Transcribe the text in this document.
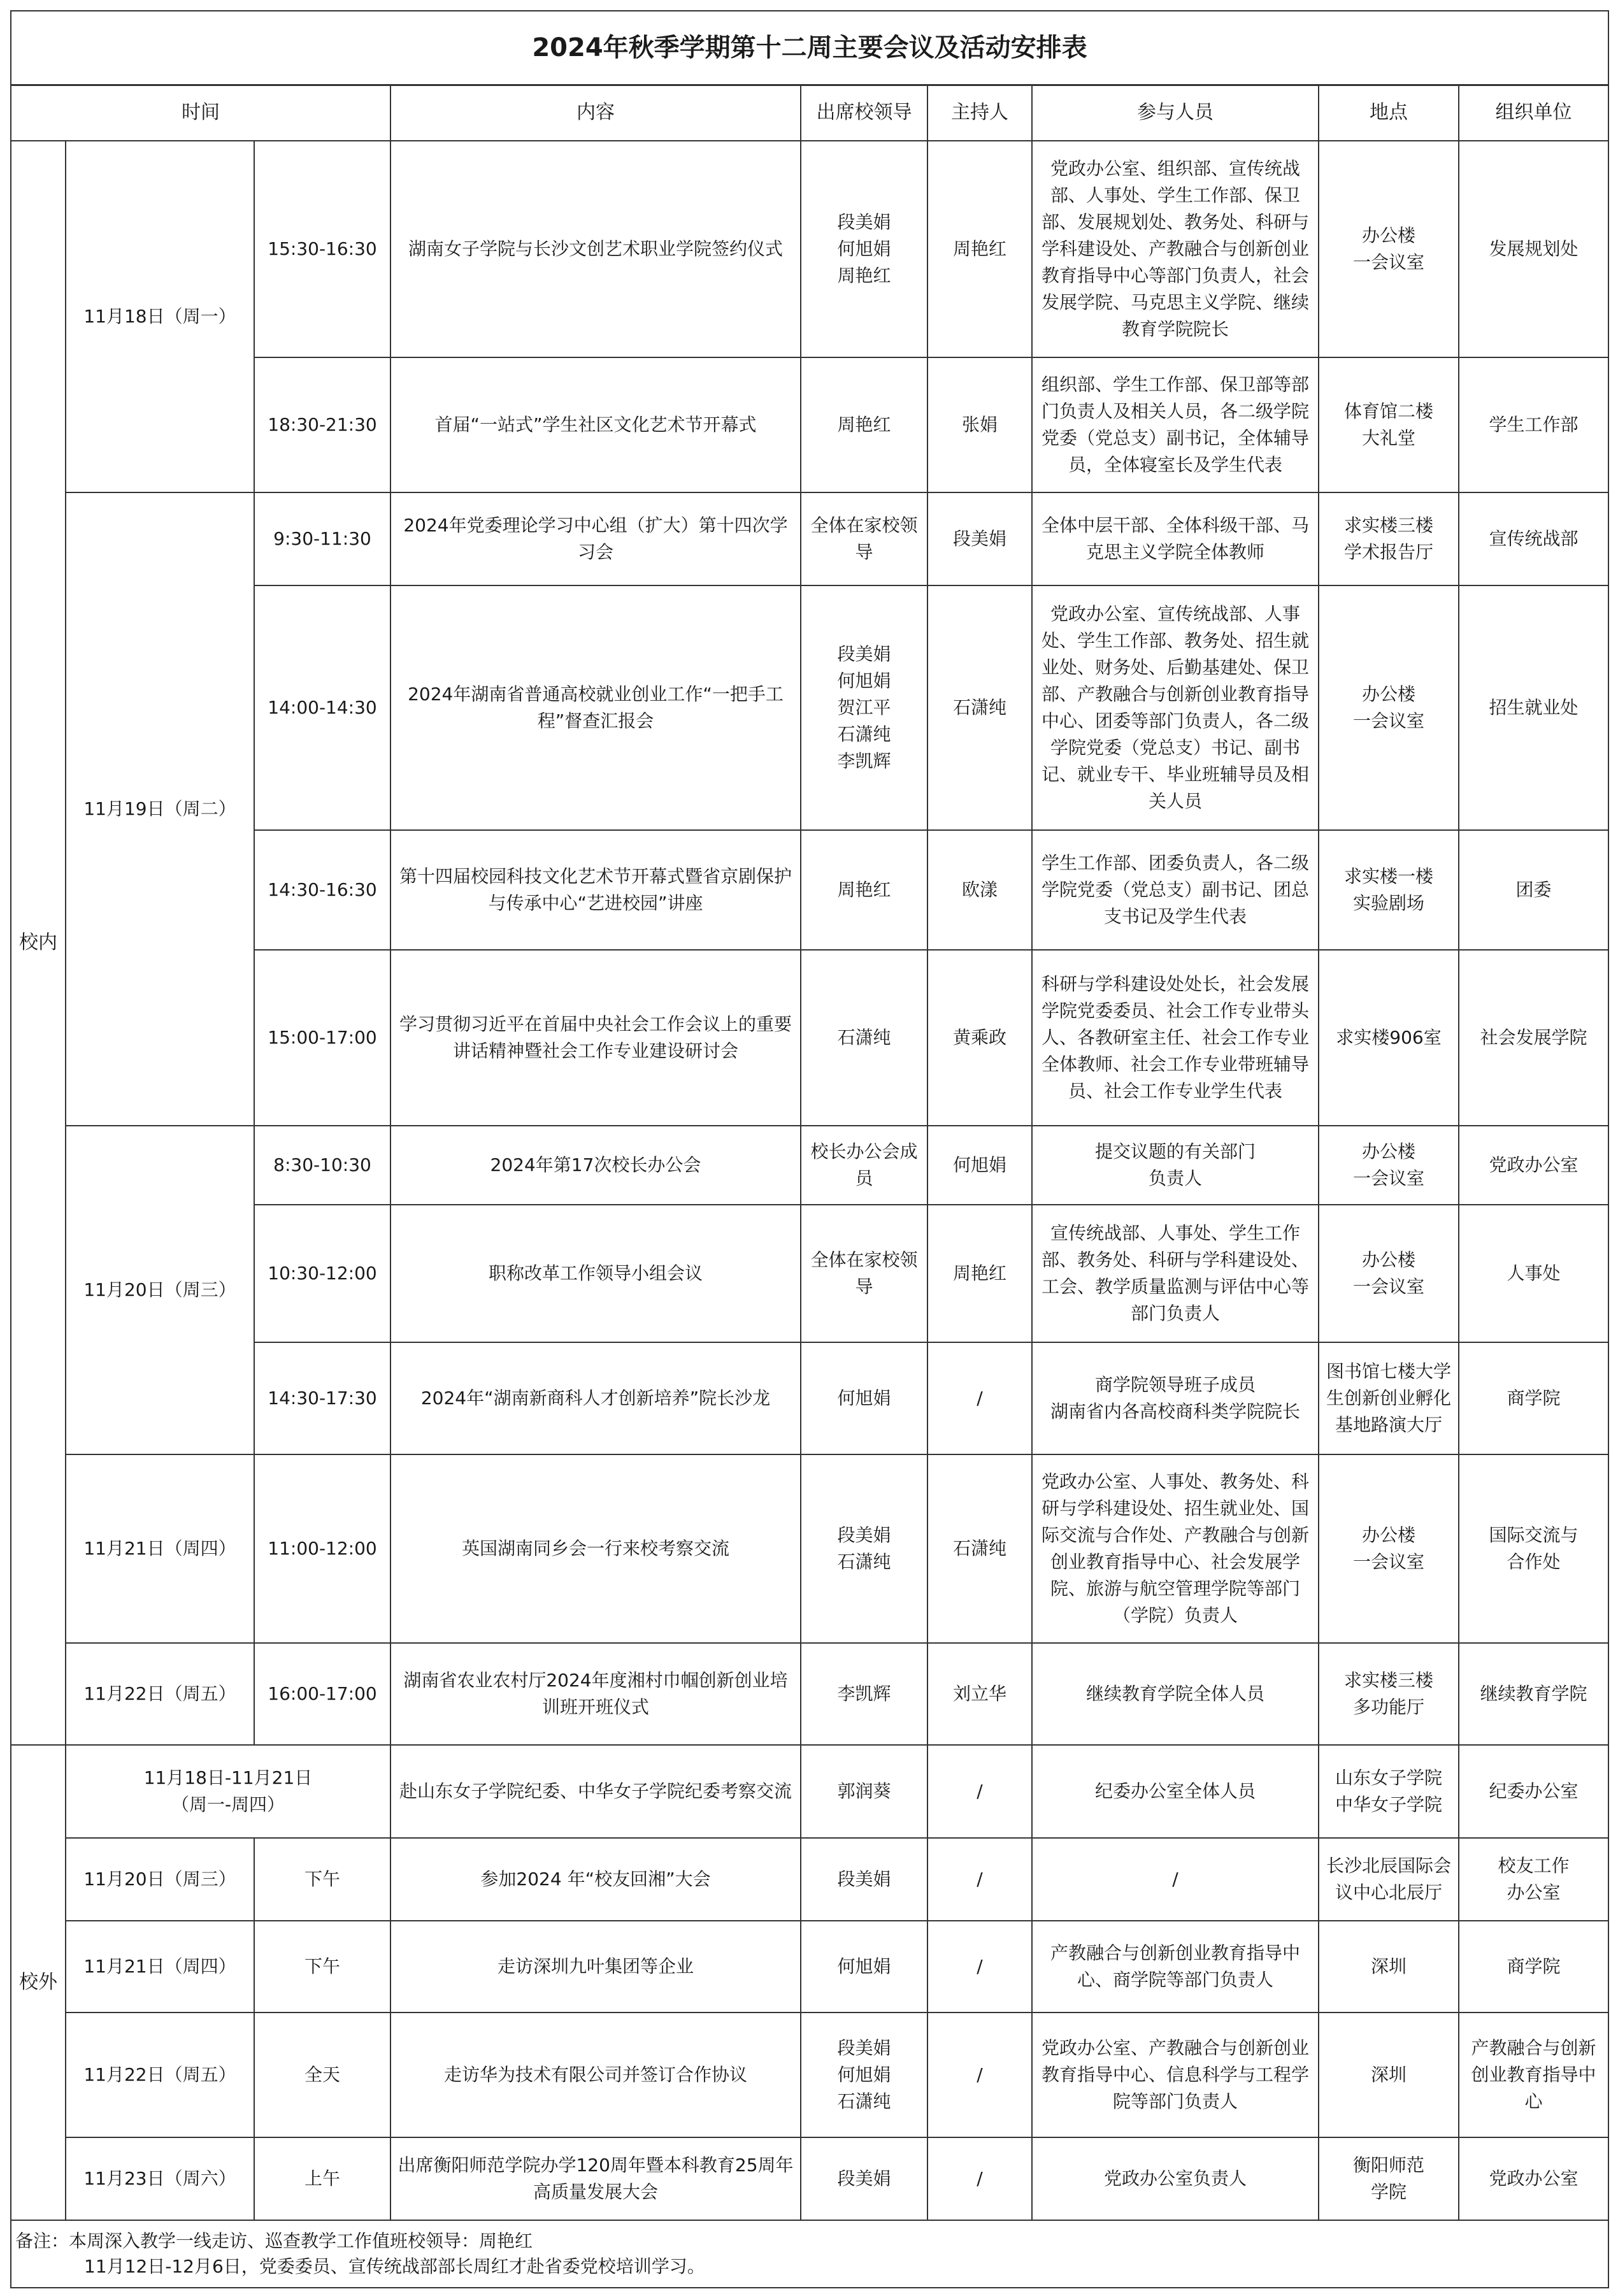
2024年秋季学期第十二周主要会议及活动安排表								
时间			内容	出席校领导	主持人	参与人员	地点	组织单位
校内	11月18日（周一）	15:30-16:30	湖南女子学院与长沙文创艺术职业学院签约仪式	段美娟
何旭娟
周艳红	周艳红	党政办公室、组织部、宣传统战部、人事处、学生工作部、保卫部、发展规划处、教务处、科研与学科建设处、产教融合与创新创业教育指导中心等部门负责人，社会发展学院、马克思主义学院、继续教育学院院长	办公楼
一会议室	发展规划处
		18:30-21:30	首届“一站式”学生社区文化艺术节开幕式	周艳红	张娟	组织部、学生工作部、保卫部等部门负责人及相关人员，各二级学院党委（党总支）副书记，全体辅导员，全体寝室长及学生代表	体育馆二楼
大礼堂	学生工作部
	11月19日（周二）	9:30-11:30	2024年党委理论学习中心组（扩大）第十四次学习会	全体在家校领导	段美娟	全体中层干部、全体科级干部、马克思主义学院全体教师	求实楼三楼
学术报告厅	宣传统战部
		14:00-14:30	2024年湖南省普通高校就业创业工作“一把手工程”督查汇报会	段美娟
何旭娟
贺江平
石潇纯
李凯辉	石潇纯	党政办公室、宣传统战部、人事处、学生工作部、教务处、招生就业处、财务处、后勤基建处、保卫部、产教融合与创新创业教育指导中心、团委等部门负责人，各二级学院党委（党总支）书记、副书记、就业专干、毕业班辅导员及相关人员	办公楼
一会议室	招生就业处
		14:30-16:30	第十四届校园科技文化艺术节开幕式暨省京剧保护与传承中心“艺进校园”讲座	周艳红	欧漾	学生工作部、团委负责人，各二级学院党委（党总支）副书记、团总支书记及学生代表	求实楼一楼
实验剧场	团委
		15:00-17:00	学习贯彻习近平在首届中央社会工作会议上的重要讲话精神暨社会工作专业建设研讨会	石潇纯	黄乘政	科研与学科建设处处长，社会发展学院党委委员、社会工作专业带头人、各教研室主任、社会工作专业全体教师、社会工作专业带班辅导员、社会工作专业学生代表	求实楼906室	社会发展学院
	11月20日（周三）	8:30-10:30	2024年第17次校长办公会	校长办公会成员	何旭娟	提交议题的有关部门
负责人	办公楼
一会议室	党政办公室
		10:30-12:00	职称改革工作领导小组会议	全体在家校领导	周艳红	宣传统战部、人事处、学生工作部、教务处、科研与学科建设处、工会、教学质量监测与评估中心等部门负责人	办公楼
一会议室	人事处
		14:30-17:30	2024年“湖南新商科人才创新培养”院长沙龙	何旭娟	/	商学院领导班子成员
湖南省内各高校商科类学院院长	图书馆七楼大学生创新创业孵化基地路演大厅	商学院
	11月21日（周四）	11:00-12:00	英国湖南同乡会一行来校考察交流	段美娟
石潇纯	石潇纯	党政办公室、人事处、教务处、科研与学科建设处、招生就业处、国际交流与合作处、产教融合与创新创业教育指导中心、社会发展学院、旅游与航空管理学院等部门（学院）负责人	办公楼
一会议室	国际交流与
合作处
	11月22日（周五）	16:00-17:00	湖南省农业农村厅2024年度湘村巾帼创新创业培训班开班仪式	李凯辉	刘立华	继续教育学院全体人员	求实楼三楼
多功能厅	继续教育学院
校外	11月18日-11月21日
（周一-周四）		赴山东女子学院纪委、中华女子学院纪委考察交流	郭润葵	/	纪委办公室全体人员	山东女子学院
中华女子学院	纪委办公室
	11月20日（周三）	下午	参加2024 年“校友回湘”大会	段美娟	/	/	长沙北辰国际会议中心北辰厅	校友工作
办公室
	11月21日（周四）	下午	走访深圳九叶集团等企业	何旭娟	/	产教融合与创新创业教育指导中心、商学院等部门负责人	深圳	商学院
	11月22日（周五）	全天	走访华为技术有限公司并签订合作协议	段美娟
何旭娟
石潇纯	/	党政办公室、产教融合与创新创业教育指导中心、信息科学与工程学院等部门负责人	深圳	产教融合与创新创业教育指导中心
	11月23日（周六）	上午	出席衡阳师范学院办学120周年暨本科教育25周年高质量发展大会	段美娟	/	党政办公室负责人	衡阳师范
学院	党政办公室

备注：本周深入教学一线走访、巡查教学工作值班校领导：周艳红
11月12日-12月6日，党委委员、宣传统战部部长周红才赴省委党校培训学习。								
